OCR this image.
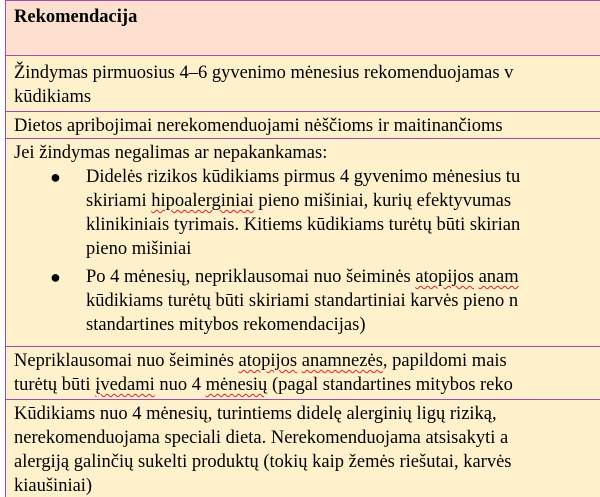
Rekomendacija

Žindymas pirmuosius 4–6 gyvenimo mėnesius rekomenduojamas v
kūdikiams

Dietos apribojimai nerekomenduojami nėščioms ir maitinančioms

Jei žindymas negalimas ar nepakankamas:
● Didelės rizikos kūdikiams pirmus 4 gyvenimo mėnesius tu
skiriami hipoalerginiai pieno mišiniai, kurių efektyvumas
klinikiniais tyrimais. Kitiems kūdikiams turėtų būti skirian
pieno mišiniai
● Po 4 mėnesių, nepriklausomai nuo šeiminės atopijos anam
kūdikiams turėtų būti skiriami standartiniai karvės pieno n
standartines mitybos rekomendacijas)

Nepriklausomai nuo šeiminės atopijos anamnezės, papildomi mais
turėtų būti įvedami nuo 4 mėnesių (pagal standartines mitybos reko

Kūdikiams nuo 4 mėnesių, turintiems didelę alerginių ligų riziką,
nerekomenduojama speciali dieta. Nerekomenduojama atsisakyti a
alergiją galinčių sukelti produktų (tokių kaip žemės riešutai, karvės
kiaušiniai)
